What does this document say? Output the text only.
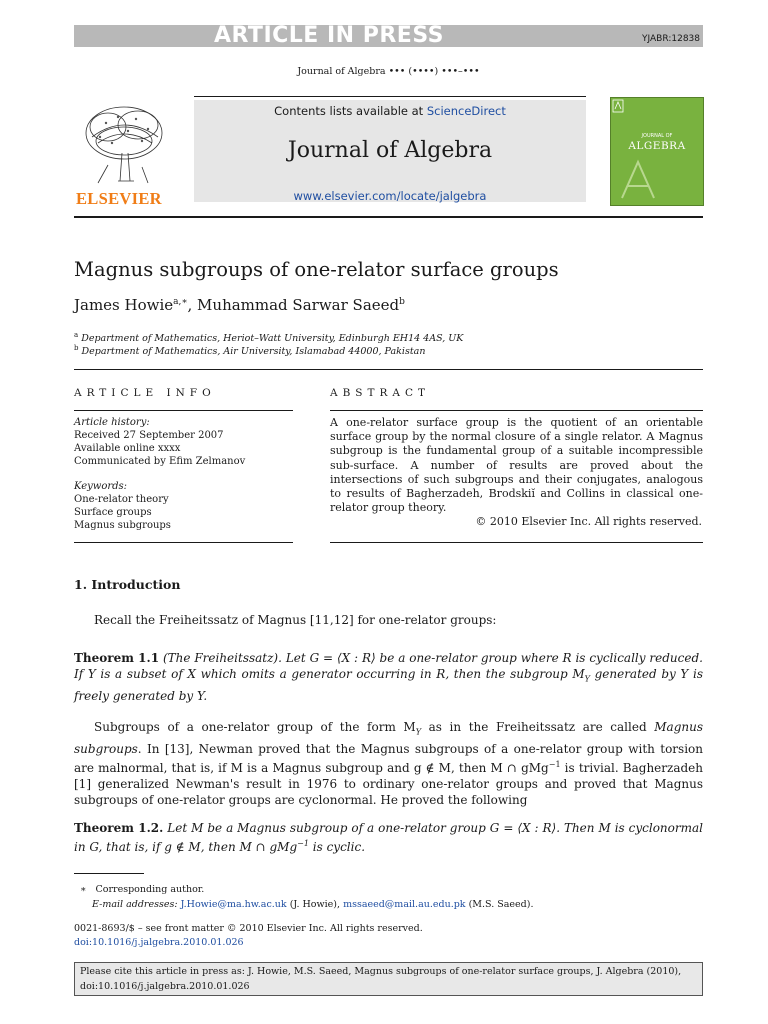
ARTICLE IN PRESS	YJABR:12838
Journal of Algebra ••• (••••) •••–•••
ELSEVIER
Contents lists available at ScienceDirect
Journal of Algebra
www.elsevier.com/locate/jalgebra
JOURNAL OF
ALGEBRA
Magnus subgroups of one-relator surface groups
James Howie$^{a,∗}$, Muhammad Sarwar Saeed$^b$
$^a$ Department of Mathematics, Heriot–Watt University, Edinburgh EH14 4AS, UK
$^b$ Department of Mathematics, Air University, Islamabad 44000, Pakistan
ARTICLE INFO
Article history:
Received 27 September 2007
Available online xxxx
Communicated by Efim Zelmanov
Keywords:
One-relator theory
Surface groups
Magnus subgroups
ABSTRACT
A one-relator surface group is the quotient of an orientable surface group by the normal closure of a single relator. A Magnus subgroup is the fundamental group of a suitable incompressible sub-surface. A number of results are proved about the intersections of such subgroups and their conjugates, analogous to results of Bagherzadeh, Brodskiĭ and Collins in classical one-relator group theory.
© 2010 Elsevier Inc. All rights reserved.
1. Introduction
Recall the Freiheitssatz of Magnus [11,12] for one-relator groups:
Theorem 1.1 (The Freiheitssatz). Let G = ⟨X : R⟩ be a one-relator group where R is cyclically reduced. If Y is a subset of X which omits a generator occurring in R, then the subgroup $M_Y$ generated by Y is freely generated by Y.
Subgroups of a one-relator group of the form $M_Y$ as in the Freiheitssatz are called Magnus subgroups. In [13], Newman proved that the Magnus subgroups of a one-relator group with torsion are malnormal, that is, if M is a Magnus subgroup and g ∉ M, then M ∩ gMg$^{-1}$ is trivial. Bagherzadeh [1] generalized Newman's result in 1976 to ordinary one-relator groups and proved that Magnus subgroups of one-relator groups are cyclonormal. He proved the following
Theorem 1.2. Let M be a Magnus subgroup of a one-relator group G = ⟨X : R⟩. Then M is cyclonormal in G, that is, if g ∉ M, then M ∩ gMg$^{-1}$ is cyclic.
∗ Corresponding author.
E-mail addresses: J.Howie@ma.hw.ac.uk (J. Howie), mssaeed@mail.au.edu.pk (M.S. Saeed).
0021-8693/$ – see front matter © 2010 Elsevier Inc. All rights reserved.
doi:10.1016/j.jalgebra.2010.01.026
Please cite this article in press as: J. Howie, M.S. Saeed, Magnus subgroups of one-relator surface groups, J. Algebra (2010),
doi:10.1016/j.jalgebra.2010.01.026
